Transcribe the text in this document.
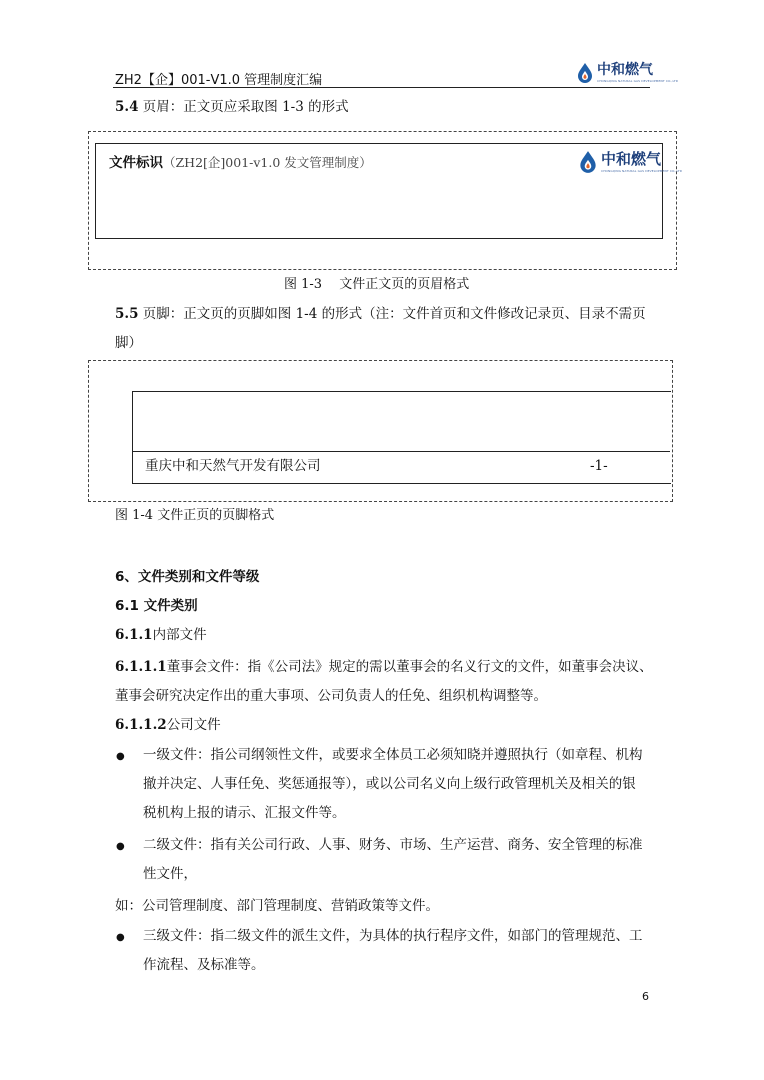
ZH2【企】001-V1.0 管理制度汇编
中和燃气
CHONGQING NATURAL GAS DEVELOPMENT CO.,LTD
5.4 页眉：正文页应采取图 1-3 的形式
文件标识（ZH2[企]001-v1.0 发文管理制度）	中和燃气
CHONGQING NATURAL GAS DEVELOPMENT CO.,LTD
图 1-3　 文件正文页的页眉格式
5.5 页脚：正文页的页脚如图 1-4 的形式（注：文件首页和文件修改记录页、目录不需页
脚）
重庆中和天然气开发有限公司	-1-
图 1-4 文件正页的页脚格式
6、文件类别和文件等级
6.1 文件类别
6.1.1内部文件
6.1.1.1董事会文件：指《公司法》规定的需以董事会的名义行文的文件，如董事会决议、
董事会研究决定作出的重大事项、公司负责人的任免、组织机构调整等。
6.1.1.2公司文件
● 一级文件：指公司纲领性文件，或要求全体员工必须知晓并遵照执行（如章程、机构
撤并决定、人事任免、奖惩通报等），或以公司名义向上级行政管理机关及相关的银
税机构上报的请示、汇报文件等。
● 二级文件：指有关公司行政、人事、财务、市场、生产运营、商务、安全管理的标准
性文件，
如：公司管理制度、部门管理制度、营销政策等文件。
● 三级文件：指二级文件的派生文件，为具体的执行程序文件，如部门的管理规范、工
作流程、及标准等。
6
